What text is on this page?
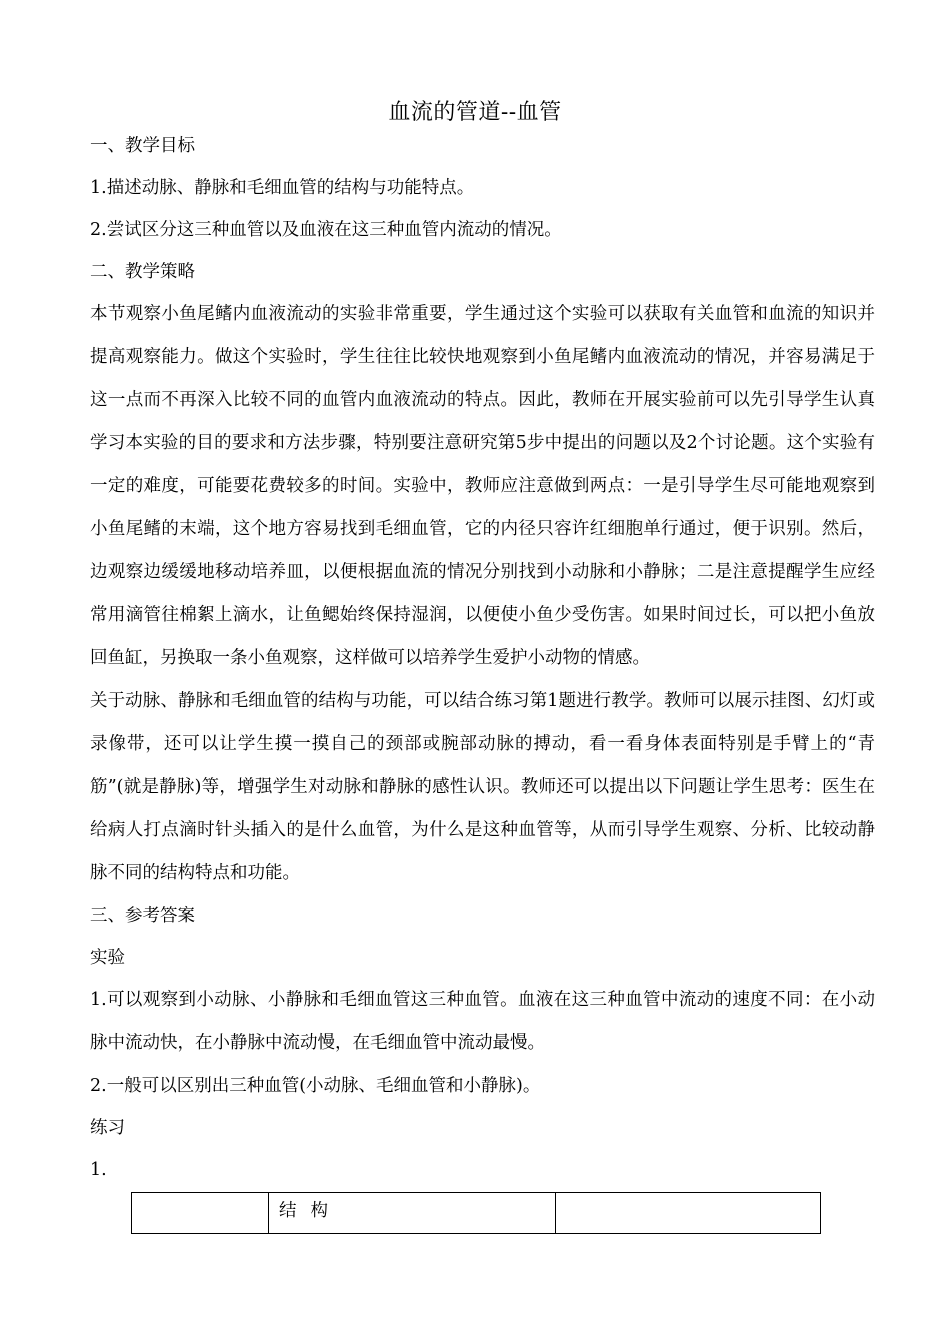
血流的管道--血管

一、教学目标

1.描述动脉、静脉和毛细血管的结构与功能特点。

2.尝试区分这三种血管以及血液在这三种血管内流动的情况。

二、教学策略

本节观察小鱼尾鳍内血液流动的实验非常重要，学生通过这个实验可以获取有关血管和血流的知识并提高观察能力。做这个实验时，学生往往比较快地观察到小鱼尾鳍内血液流动的情况，并容易满足于这一点而不再深入比较不同的血管内血液流动的特点。因此，教师在开展实验前可以先引导学生认真学习本实验的目的要求和方法步骤，特别要注意研究第5步中提出的问题以及2个讨论题。这个实验有一定的难度，可能要花费较多的时间。实验中，教师应注意做到两点：一是引导学生尽可能地观察到小鱼尾鳍的末端，这个地方容易找到毛细血管，它的内径只容许红细胞单行通过，便于识别。然后，边观察边缓缓地移动培养皿，以便根据血流的情况分别找到小动脉和小静脉；二是注意提醒学生应经常用滴管往棉絮上滴水，让鱼鳃始终保持湿润，以便使小鱼少受伤害。如果时间过长，可以把小鱼放回鱼缸，另换取一条小鱼观察，这样做可以培养学生爱护小动物的情感。

关于动脉、静脉和毛细血管的结构与功能，可以结合练习第1题进行教学。教师可以展示挂图、幻灯或录像带，还可以让学生摸一摸自己的颈部或腕部动脉的搏动，看一看身体表面特别是手臂上的“青筋”(就是静脉)等，增强学生对动脉和静脉的感性认识。教师还可以提出以下问题让学生思考：医生在给病人打点滴时针头插入的是什么血管，为什么是这种血管等，从而引导学生观察、分析、比较动静脉不同的结构特点和功能。

三、参考答案

实验

1.可以观察到小动脉、小静脉和毛细血管这三种血管。血液在这三种血管中流动的速度不同：在小动脉中流动快，在小静脉中流动慢，在毛细血管中流动最慢。

2.一般可以区别出三种血管(小动脉、毛细血管和小静脉)。

练习

1.

	结构	
